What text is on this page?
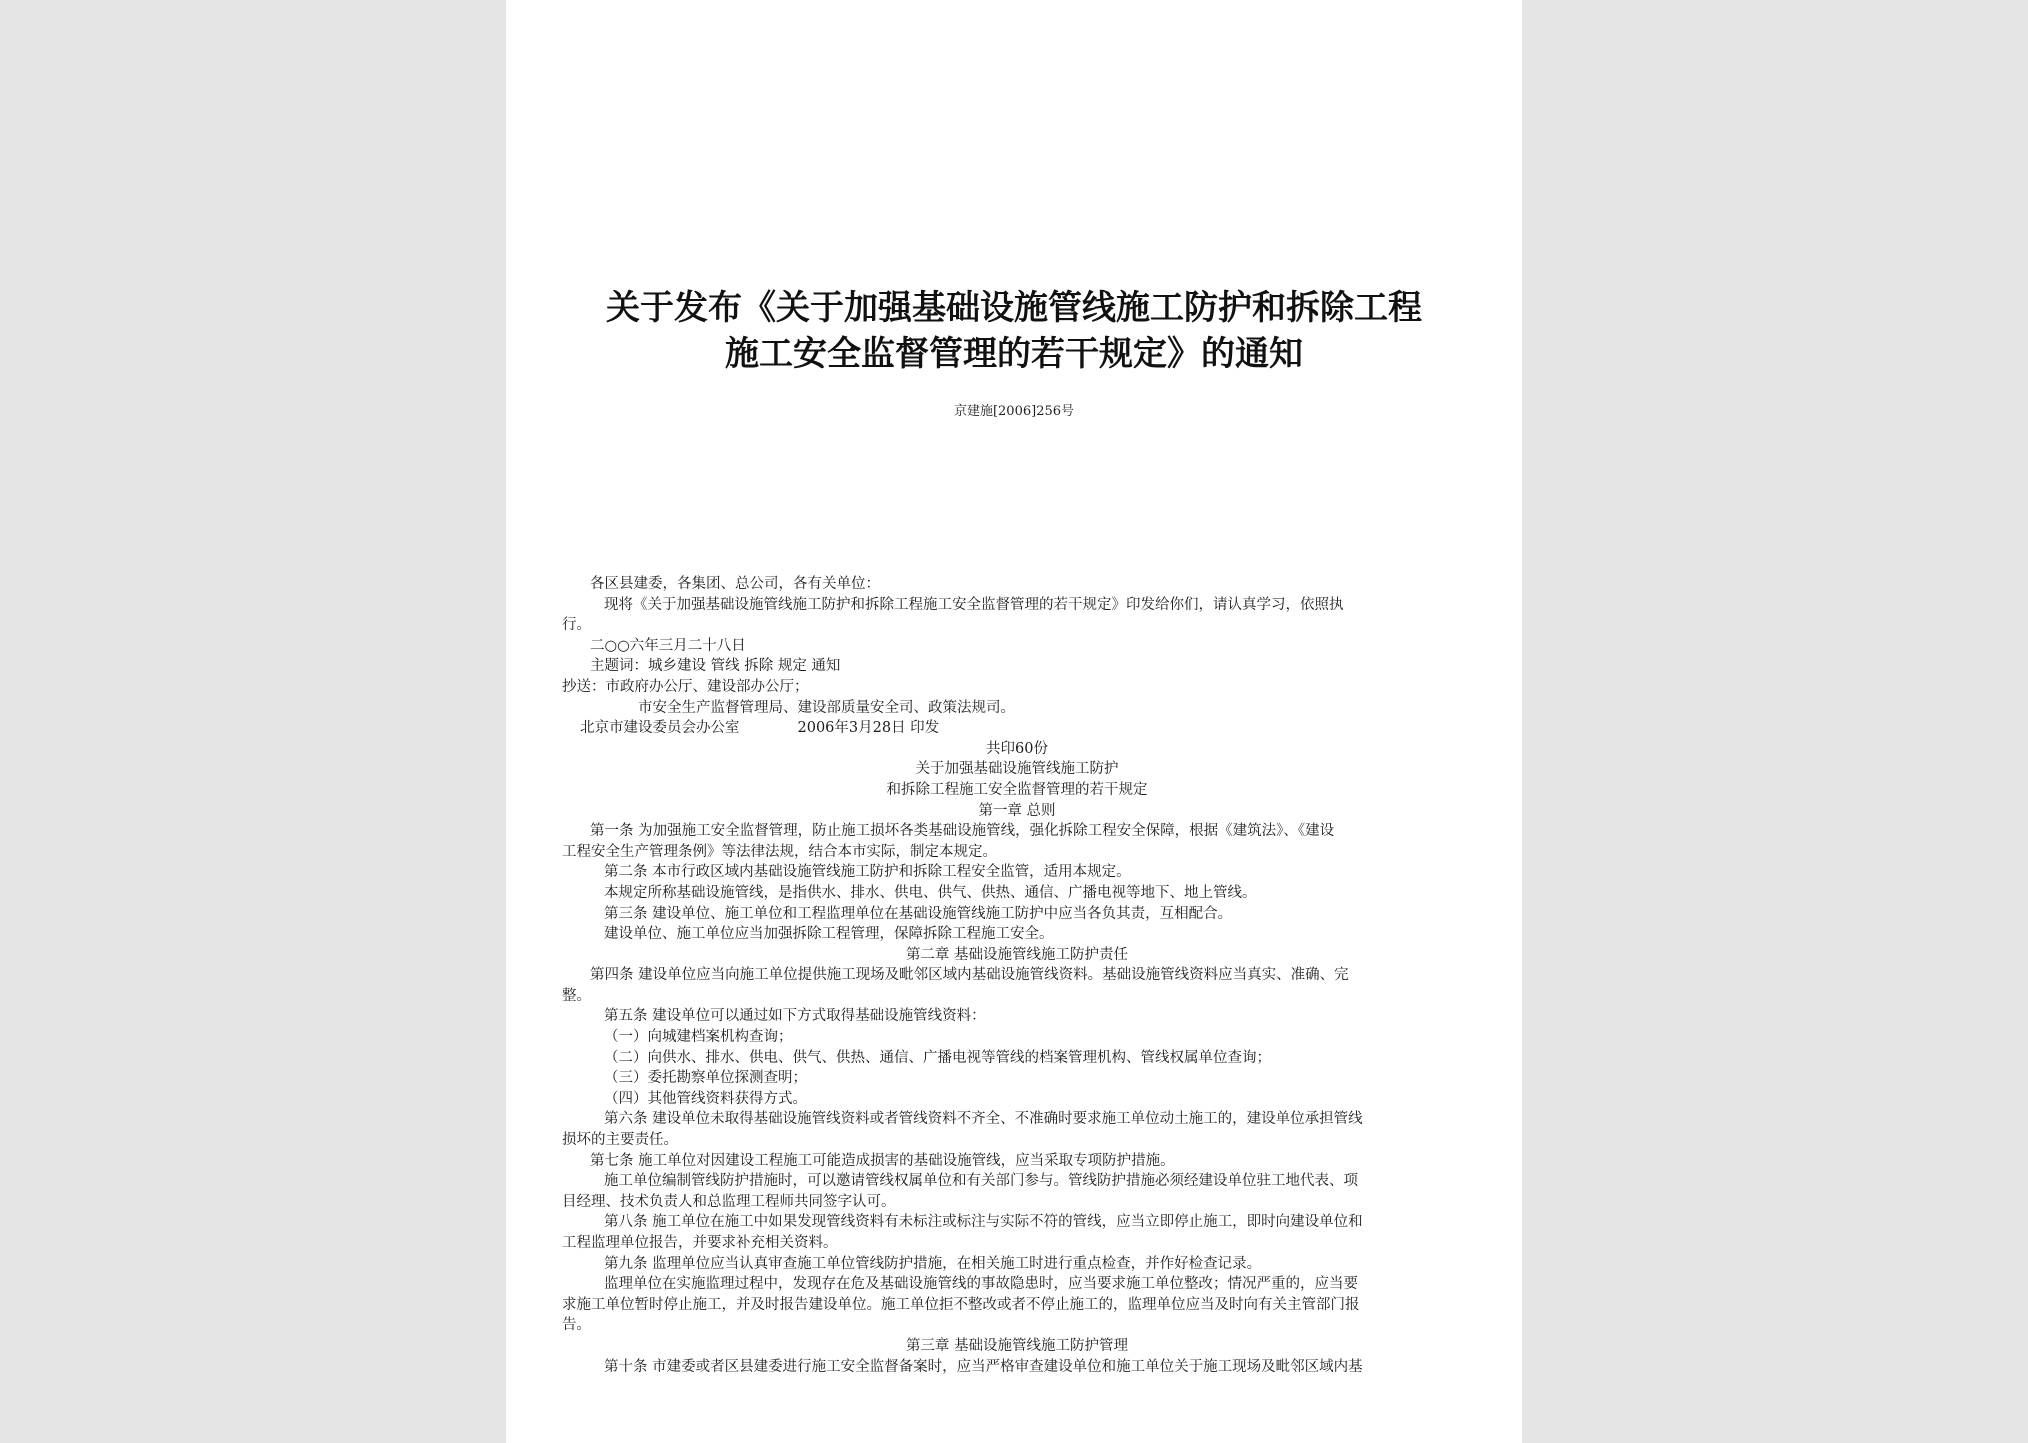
关于发布《关于加强基础设施管线施工防护和拆除工程
施工安全监督管理的若干规定》的通知
京建施[2006]256号
各区县建委，各集团、总公司，各有关单位：
现将《关于加强基础设施管线施工防护和拆除工程施工安全监督管理的若干规定》印发给你们，请认真学习，依照执
行。
二○○六年三月二十八日
主题词：城乡建设 管线 拆除 规定 通知
抄送：市政府办公厅、建设部办公厅；
市安全生产监督管理局、建设部质量安全司、政策法规司。
北京市建设委员会办公室	2006年3月28日 印发
共印60份
关于加强基础设施管线施工防护
和拆除工程施工安全监督管理的若干规定
第一章 总则
第一条 为加强施工安全监督管理，防止施工损坏各类基础设施管线，强化拆除工程安全保障，根据《建筑法》、《建设
工程安全生产管理条例》等法律法规，结合本市实际，制定本规定。
第二条 本市行政区域内基础设施管线施工防护和拆除工程安全监管，适用本规定。
本规定所称基础设施管线，是指供水、排水、供电、供气、供热、通信、广播电视等地下、地上管线。
第三条 建设单位、施工单位和工程监理单位在基础设施管线施工防护中应当各负其责，互相配合。
建设单位、施工单位应当加强拆除工程管理，保障拆除工程施工安全。
第二章 基础设施管线施工防护责任
第四条 建设单位应当向施工单位提供施工现场及毗邻区域内基础设施管线资料。基础设施管线资料应当真实、准确、完
整。
第五条 建设单位可以通过如下方式取得基础设施管线资料：
（一）向城建档案机构查询；
（二）向供水、排水、供电、供气、供热、通信、广播电视等管线的档案管理机构、管线权属单位查询；
（三）委托勘察单位探测查明；
（四）其他管线资料获得方式。
第六条 建设单位未取得基础设施管线资料或者管线资料不齐全、不准确时要求施工单位动土施工的，建设单位承担管线
损坏的主要责任。
第七条 施工单位对因建设工程施工可能造成损害的基础设施管线，应当采取专项防护措施。
施工单位编制管线防护措施时，可以邀请管线权属单位和有关部门参与。管线防护措施必须经建设单位驻工地代表、项
目经理、技术负责人和总监理工程师共同签字认可。
第八条 施工单位在施工中如果发现管线资料有未标注或标注与实际不符的管线，应当立即停止施工，即时向建设单位和
工程监理单位报告，并要求补充相关资料。
第九条 监理单位应当认真审查施工单位管线防护措施，在相关施工时进行重点检查，并作好检查记录。
监理单位在实施监理过程中，发现存在危及基础设施管线的事故隐患时，应当要求施工单位整改；情况严重的，应当要
求施工单位暂时停止施工，并及时报告建设单位。施工单位拒不整改或者不停止施工的，监理单位应当及时向有关主管部门报
告。
第三章 基础设施管线施工防护管理
第十条 市建委或者区县建委进行施工安全监督备案时，应当严格审查建设单位和施工单位关于施工现场及毗邻区域内基
